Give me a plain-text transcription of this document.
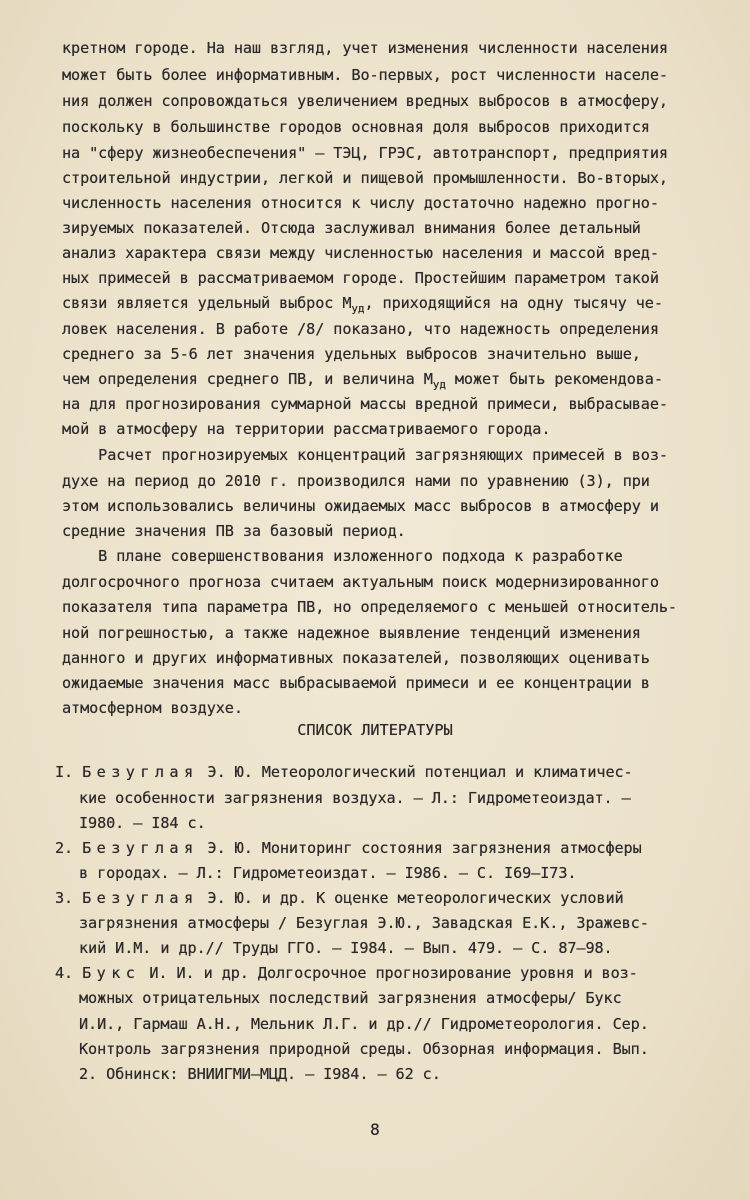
кретном городе. На наш взгляд, учет изменения численности населения
может быть более информативным. Во-первых, рост численности населе-
ния должен сопровождаться увеличением вредных выбросов в атмосферу,
поскольку в большинстве городов основная доля выбросов приходится
на "сферу жизнеобеспечения" – ТЭЦ, ГРЭС, автотранспорт, предприятия
строительной индустрии, легкой и пищевой промышленности. Во-вторых,
численность населения относится к числу достаточно надежно прогно-
зируемых показателей. Отсюда заслуживал внимания более детальный
анализ характера связи между численностью населения и массой вред-
ных примесей в рассматриваемом городе. Простейшим параметром такой
связи является удельный выброс $М_{уд}$, приходящийся на одну тысячу че-
ловек населения. В работе /8/ показано, что надежность определения
среднего за 5-6 лет значения удельных выбросов значительно выше,
чем определения среднего ПВ, и величина $М_{уд}$ может быть рекомендова-
на для прогнозирования суммарной массы вредной примеси, выбрасывае-
мой в атмосферу на территории рассматриваемого города.
Расчет прогнозируемых концентраций загрязняющих примесей в воз-
духе на период до 2010 г. производился нами по уравнению (3), при
этом использовались величины ожидаемых масс выбросов в атмосферу и
средние значения ПВ за базовый период.
В плане совершенствования изложенного подхода к разработке
долгосрочного прогноза считаем актуальным поиск модернизированного
показателя типа параметра ПВ, но определяемого с меньшей относитель-
ной погрешностью, а также надежное выявление тенденций изменения
данного и других информативных показателей, позволяющих оценивать
ожидаемые значения масс выбрасываемой примеси и ее концентрации в
атмосферном воздухе.
СПИСОК ЛИТЕРАТУРЫ
I. Безуглая Э. Ю. Метеорологический потенциал и климатичес-
кие особенности загрязнения воздуха. – Л.: Гидрометеоиздат. –
I980. – I84 с.
2. Безуглая Э. Ю. Мониторинг состояния загрязнения атмосферы
в городах. – Л.: Гидрометеоиздат. – I986. – С. I69–I73.
3. Безуглая Э. Ю. и др. К оценке метеорологических условий
загрязнения атмосферы / Безуглая Э.Ю., Завадская Е.К., Зражевс-
кий И.М. и др.// Труды ГГО. – I984. – Вып. 479. – С. 87–98.
4. Букс И. И. и др. Долгосрочное прогнозирование уровня и воз-
можных отрицательных последствий загрязнения атмосферы/ Букс
И.И., Гармаш А.Н., Мельник Л.Г. и др.// Гидрометеорология. Сер.
Контроль загрязнения природной среды. Обзорная информация. Вып.
2. Обнинск: ВНИИГМИ–МЦД. – I984. – 62 с.
8
